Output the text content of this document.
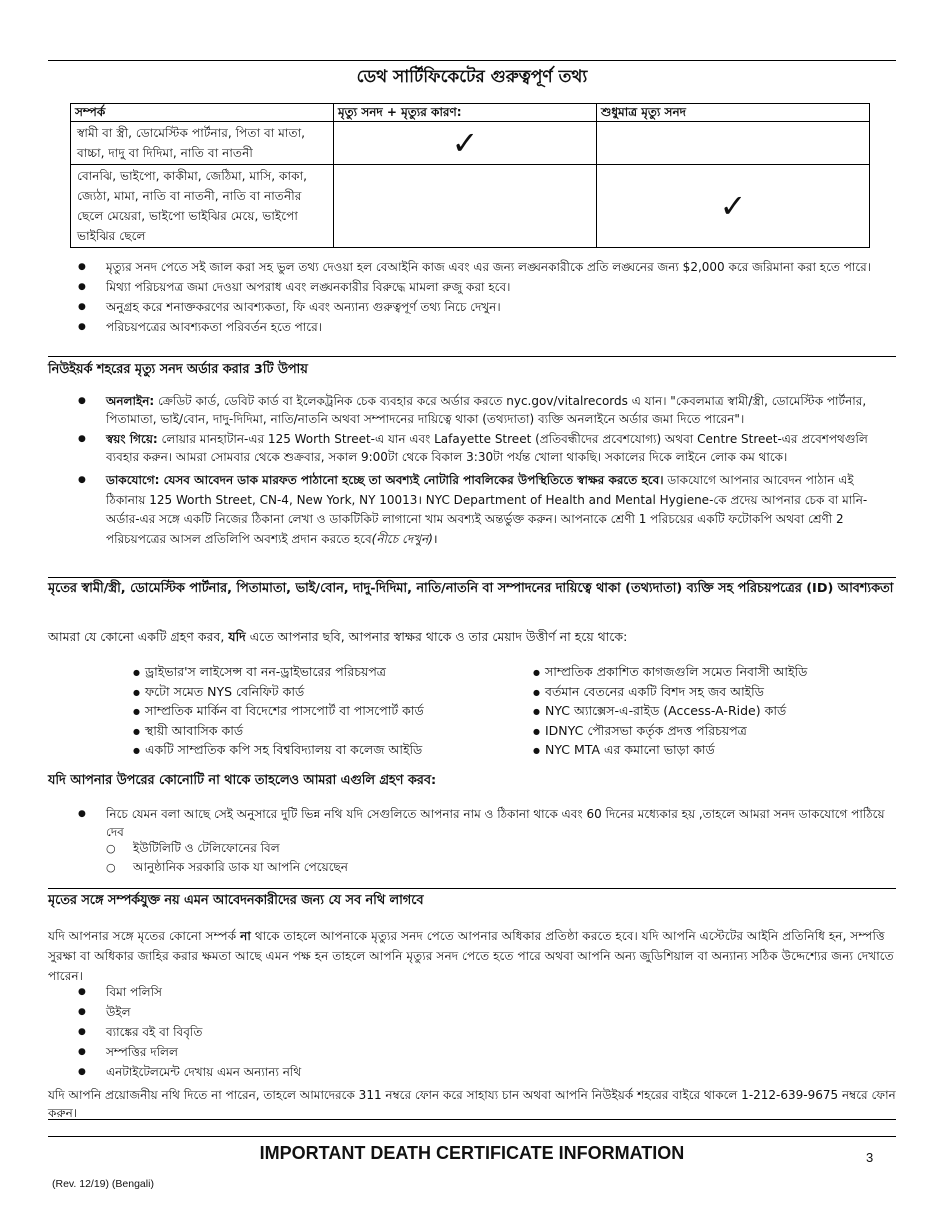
ডেথ সার্টিফিকেটের গুরুত্বপূর্ণ তথ্য
সম্পর্ক	মৃত্যু সনদ + মৃত্যুর কারণ:	শুধুমাত্র মৃত্যু সনদ
স্বামী বা স্ত্রী, ডোমেস্টিক পার্টনার, পিতা বা মাতা, বাচ্চা, দাদু বা দিদিমা, নাতি বা নাতনী	✓	
বোনঝি, ভাইপো, কাকীমা, জেঠিমা, মাসি, কাকা, জ্যেঠা, মামা, নাতি বা নাতনী, নাতি বা নাতনীর ছেলে মেয়েরা, ভাইপো ভাইঝির মেয়ে, ভাইপো ভাইঝির ছেলে		✓
● মৃত্যুর সনদ পেতে সই জাল করা সহ ভুল তথ্য দেওয়া হল বেআইনি কাজ এবং এর জন্য লঙ্ঘনকারীকে প্রতি লঙ্ঘনের জন্য $2,000 করে জরিমানা করা হতে পারে।
● মিথ্যা পরিচয়পত্র জমা দেওয়া অপরাধ এবং লঙ্ঘনকারীর বিরুদ্ধে মামলা রুজু করা হবে।
● অনুগ্রহ করে শনাক্তকরণের আবশ্যকতা, ফি এবং অন্যান্য গুরুত্বপূর্ণ তথ্য নিচে দেখুন।
● পরিচয়পত্রের আবশ্যকতা পরিবর্তন হতে পারে।
নিউইয়র্ক শহরের মৃত্যু সনদ অর্ডার করার 3টি উপায়
● অনলাইন: ক্রেডিট কার্ড, ডেবিট কার্ড বা ইলেকট্রনিক চেক ব্যবহার করে অর্ডার করতে nyc.gov/vitalrecords এ যান। "কেবলমাত্র স্বামী/স্ত্রী, ডোমেস্টিক পার্টনার, পিতামাতা, ভাই/বোন, দাদু-দিদিমা, নাতি/নাতনি অথবা সম্পাদনের দায়িত্বে থাকা (তথ্যদাতা) ব্যক্তি অনলাইনে অর্ডার জমা দিতে পারেন"।
● স্বয়ং গিয়ে: লোয়ার মানহাটান-এর 125 Worth Street-এ যান এবং Lafayette Street (প্রতিবন্ধীদের প্রবেশযোগ্য) অথবা Centre Street-এর প্রবেশপথগুলি ব্যবহার করুন। আমরা সোমবার থেকে শুক্রবার, সকাল 9:00টা থেকে বিকাল 3:30টা পর্যন্ত খোলা থাকছি। সকালের দিকে লাইনে লোক কম থাকে।
● ডাকযোগে: যেসব আবেদন ডাক মারফত পাঠানো হচ্ছে তা অবশ্যই নোটারি পাবলিকের উপস্থিতিতে স্বাক্ষর করতে হবে। ডাকযোগে আপনার আবেদন পাঠান এই ঠিকানায় 125 Worth Street, CN-4, New York, NY 10013। NYC Department of Health and Mental Hygiene-কে প্রদেয় আপনার চেক বা মানি-অর্ডার-এর সঙ্গে একটি নিজের ঠিকানা লেখা ও ডাকটিকিট লাগানো খাম অবশ্যই অন্তর্ভুক্ত করুন। আপনাকে শ্রেণী 1 পরিচয়ের একটি ফটোকপি অথবা শ্রেণী 2 পরিচয়পত্রের আসল প্রতিলিপি অবশ্যই প্রদান করতে হবে(নীচে দেখুন)।
মৃতের স্বামী/স্ত্রী, ডোমেস্টিক পার্টনার, পিতামাতা, ভাই/বোন, দাদু-দিদিমা, নাতি/নাতনি বা সম্পাদনের দায়িত্বে থাকা (তথ্যদাতা) ব্যক্তি সহ পরিচয়পত্রের (ID) আবশ্যকতা
আমরা যে কোনো একটি গ্রহণ করব, যদি এতে আপনার ছবি, আপনার স্বাক্ষর থাকে ও তার মেয়াদ উত্তীর্ণ না হয়ে থাকে:
● ড্রাইভার'স লাইসেন্স বা নন-ড্রাইভারের পরিচয়পত্র
● ফটো সমেত NYS বেনিফিট কার্ড
● সাম্প্রতিক মার্কিন বা বিদেশের পাসপোর্ট বা পাসপোর্ট কার্ড
● স্থায়ী আবাসিক কার্ড
● একটি সাম্প্রতিক কপি সহ বিশ্ববিদ্যালয় বা কলেজ আইডি
● সাম্প্রতিক প্রকাশিত কাগজগুলি সমেত নিবাসী আইডি
● বর্তমান বেতনের একটি বিশদ সহ জব আইডি
● NYC অ্যাক্সেস-এ-রাইড (Access-A-Ride) কার্ড
● IDNYC পৌরসভা কর্তৃক প্রদত্ত পরিচয়পত্র
● NYC MTA এর কমানো ভাড়া কার্ড
যদি আপনার উপরের কোনোটি না থাকে তাহলেও আমরা এগুলি গ্রহণ করব:
● নিচে যেমন বলা আছে সেই অনুসারে দুটি ভিন্ন নথি যদি সেগুলিতে আপনার নাম ও ঠিকানা থাকে এবং 60 দিনের মধ্যেকার হয় ,তাহলে আমরা সনদ ডাকযোগে পাঠিয়ে দেব
○ ইউটিলিটি ও টেলিফোনের বিল
○ আনুষ্ঠানিক সরকারি ডাক যা আপনি পেয়েছেন
মৃতের সঙ্গে সম্পর্কযুক্ত নয় এমন আবেদনকারীদের জন্য যে সব নথি লাগবে
যদি আপনার সঙ্গে মৃতের কোনো সম্পর্ক না থাকে তাহলে আপনাকে মৃত্যুর সনদ পেতে আপনার অধিকার প্রতিষ্ঠা করতে হবে। যদি আপনি এস্টেটের আইনি প্রতিনিধি হন, সম্পত্তি সুরক্ষা বা অধিকার জাহির করার ক্ষমতা আছে এমন পক্ষ হন তাহলে আপনি মৃত্যুর সনদ পেতে হতে পারে অথবা আপনি অন্য জুডিশিয়াল বা অন্যান্য সঠিক উদ্দেশ্যের জন্য দেখাতে পারেন।
● বিমা পলিসি
● উইল
● ব্যাঙ্কের বই বা বিবৃতি
● সম্পত্তির দলিল
● এনটাইটেলমেন্ট দেখায় এমন অন্যান্য নথি
যদি আপনি প্রয়োজনীয় নথি দিতে না পারেন, তাহলে আমাদেরকে 311 নম্বরে ফোন করে সাহায্য চান অথবা আপনি নিউইয়র্ক শহরের বাইরে থাকলে 1-212-639-9675 নম্বরে ফোন করুন।
IMPORTANT DEATH CERTIFICATE INFORMATION	3
(Rev. 12/19) (Bengali)
